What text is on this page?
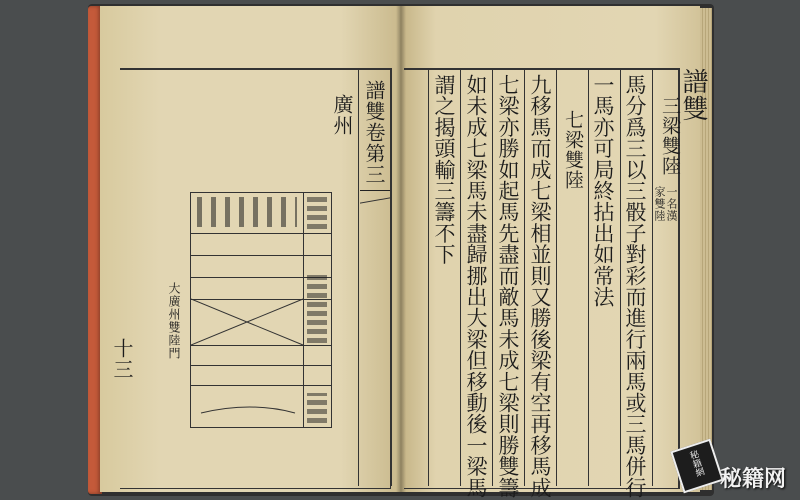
譜雙卷第三
廣州
大廣州雙陸門
十三
譜雙
三梁雙陸
一名漢
家雙陸
馬分爲三以三骰子對彩而進行兩馬或三馬併行
一馬亦可局終拈出如常法
七梁雙陸
九移馬而成七梁相並則又勝後梁有空再移馬成
七梁亦勝如起馬先盡而敵馬未成七梁則勝雙籌
如未成七梁馬未盡歸挪出大梁但移動後一梁馬
謂之揭頭輸三籌不下
秘籍網
秘籍网
